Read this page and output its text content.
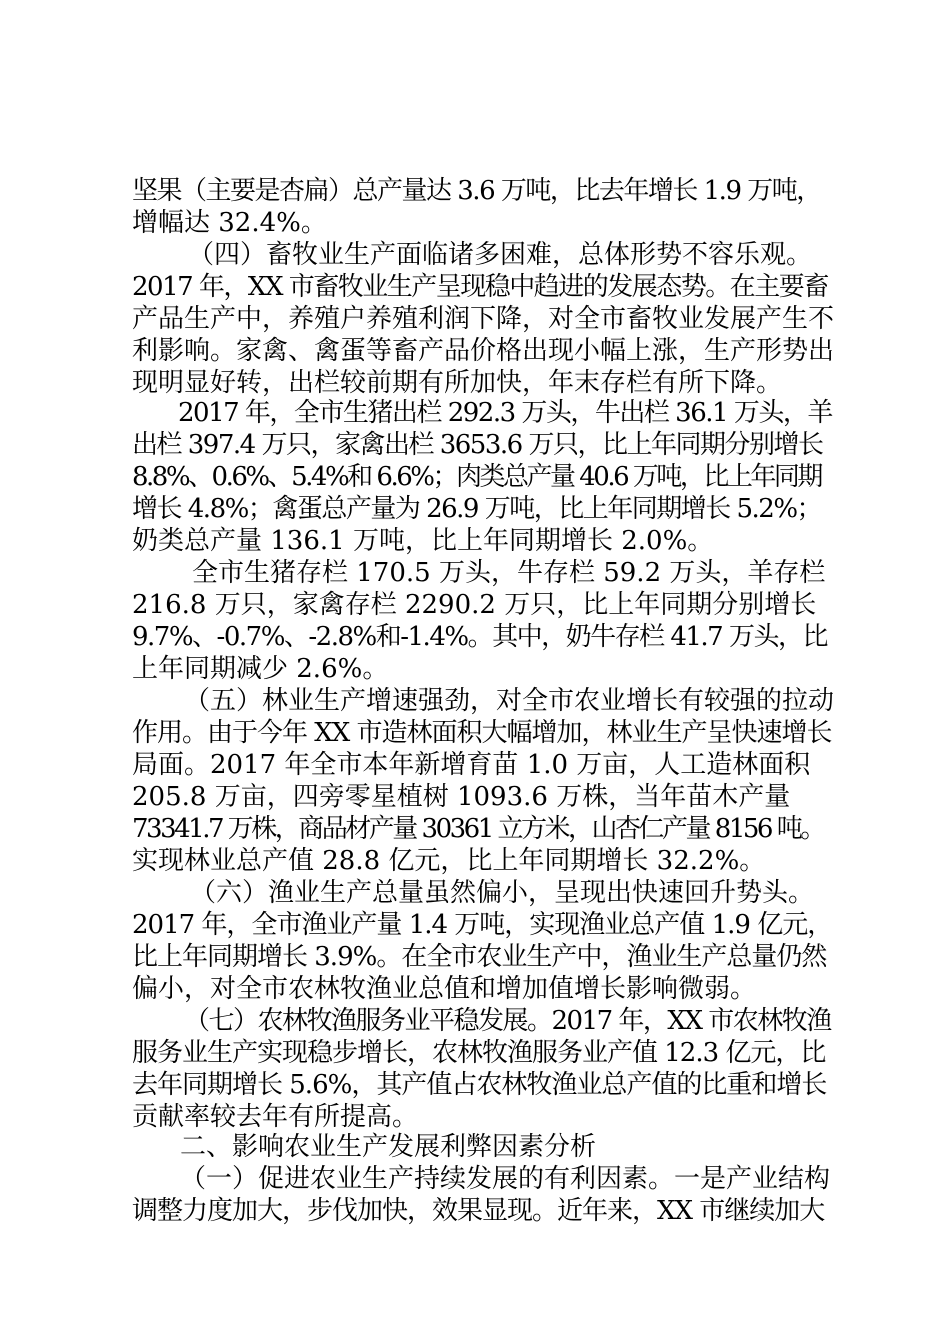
坚果（主要是杏扁）总产量达 3.6 万吨，比去年增长 1.9 万吨，
增幅达 32.4%。
（四）畜牧业生产面临诸多困难，总体形势不容乐观。
2017 年，XX 市畜牧业生产呈现稳中趋进的发展态势。在主要畜
产品生产中，养殖户养殖利润下降，对全市畜牧业发展产生不
利影响。家禽、禽蛋等畜产品价格出现小幅上涨，生产形势出
现明显好转，出栏较前期有所加快，年末存栏有所下降。
2017 年，全市生猪出栏 292.3 万头，牛出栏 36.1 万头，羊
出栏 397.4 万只，家禽出栏 3653.6 万只，比上年同期分别增长
8.8%、0.6%、5.4%和 6.6%；肉类总产量 40.6 万吨，比上年同期
增长 4.8%；禽蛋总产量为 26.9 万吨，比上年同期增长 5.2%；
奶类总产量 136.1 万吨，比上年同期增长 2.0%。
全市生猪存栏 170.5 万头，牛存栏 59.2 万头，羊存栏
216.8 万只，家禽存栏 2290.2 万只，比上年同期分别增长
9.7%、-0.7%、-2.8%和-1.4%。其中，奶牛存栏 41.7 万头，比
上年同期减少 2.6%。
（五）林业生产增速强劲，对全市农业增长有较强的拉动
作用。由于今年 XX 市造林面积大幅增加，林业生产呈快速增长
局面。2017 年全市本年新增育苗 1.0 万亩，人工造林面积
205.8 万亩，四旁零星植树 1093.6 万株，当年苗木产量
73341.7 万株，商品材产量 30361 立方米，山杏仁产量 8156 吨。
实现林业总产值 28.8 亿元，比上年同期增长 32.2%。
（六）渔业生产总量虽然偏小，呈现出快速回升势头。
2017 年，全市渔业产量 1.4 万吨，实现渔业总产值 1.9 亿元，
比上年同期增长 3.9%。在全市农业生产中，渔业生产总量仍然
偏小，对全市农林牧渔业总值和增加值增长影响微弱。
（七）农林牧渔服务业平稳发展。2017 年，XX 市农林牧渔
服务业生产实现稳步增长，农林牧渔服务业产值 12.3 亿元，比
去年同期增长 5.6%，其产值占农林牧渔业总产值的比重和增长
贡献率较去年有所提高。
二、影响农业生产发展利弊因素分析
（一）促进农业生产持续发展的有利因素。一是产业结构
调整力度加大，步伐加快，效果显现。近年来，XX 市继续加大
